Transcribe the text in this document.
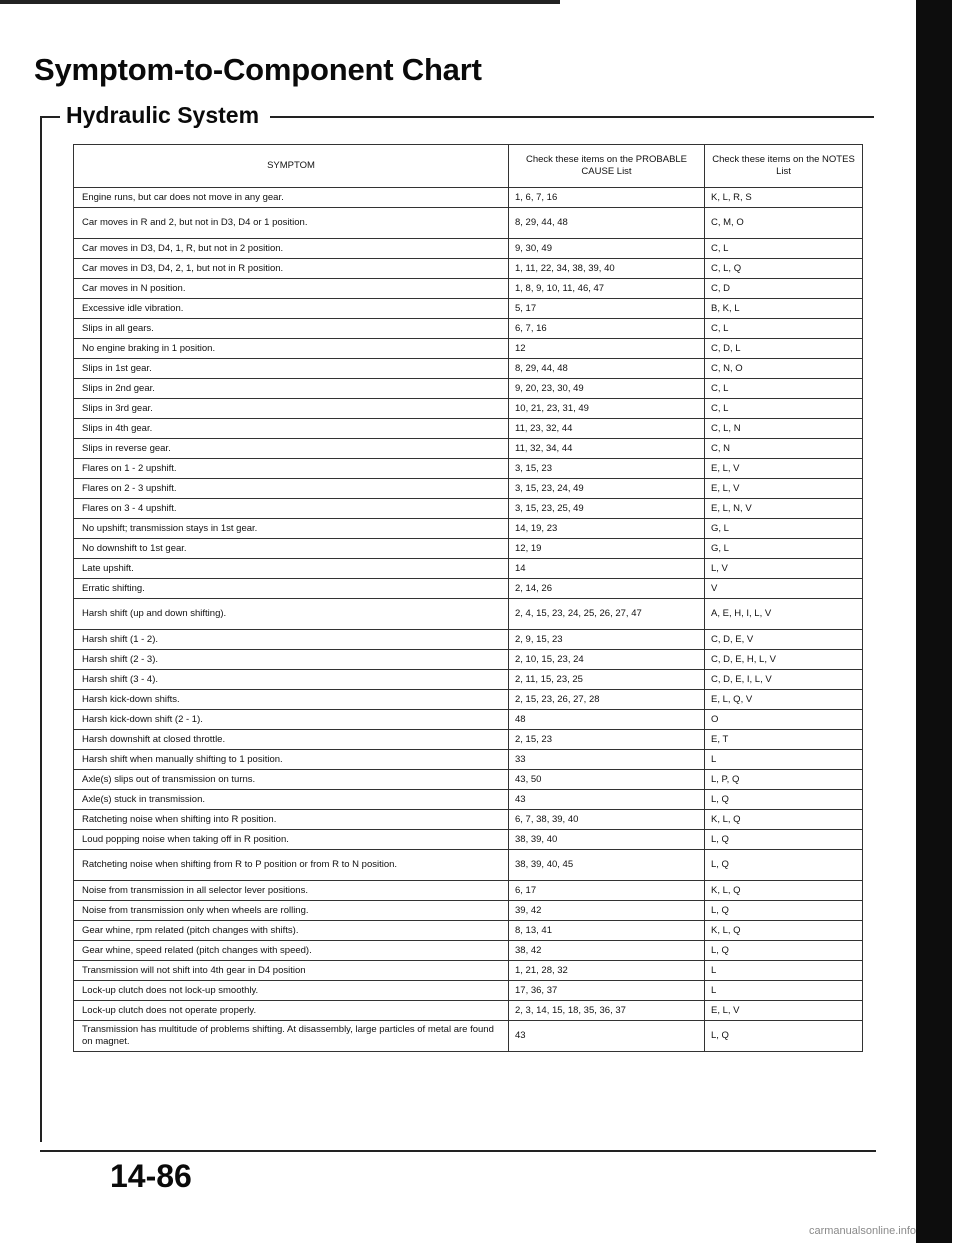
Symptom-to-Component Chart
Hydraulic System
SYMPTOM	Check these items on the PROBABLE CAUSE List	Check these items on the NOTES List
Engine runs, but car does not move in any gear.	1, 6, 7, 16	K, L, R, S
Car moves in R and 2, but not in D3, D4 or 1 position.	8, 29, 44, 48	C, M, O
Car moves in D3, D4, 1, R, but not in 2 position.	9, 30, 49	C, L
Car moves in D3, D4, 2, 1, but not in R position.	1, 11, 22, 34, 38, 39, 40	C, L, Q
Car moves in N position.	1, 8, 9, 10, 11, 46, 47	C, D
Excessive idle vibration.	5, 17	B, K, L
Slips in all gears.	6, 7, 16	C, L
No engine braking in 1 position.	12	C, D, L
Slips in 1st gear.	8, 29, 44, 48	C, N, O
Slips in 2nd gear.	9, 20, 23, 30, 49	C, L
Slips in 3rd gear.	10, 21, 23, 31, 49	C, L
Slips in 4th gear.	11, 23, 32, 44	C, L, N
Slips in reverse gear.	11, 32, 34, 44	C, N
Flares on 1 - 2 upshift.	3, 15, 23	E, L, V
Flares on 2 - 3 upshift.	3, 15, 23, 24, 49	E, L, V
Flares on 3 - 4 upshift.	3, 15, 23, 25, 49	E, L, N, V
No upshift; transmission stays in 1st gear.	14, 19, 23	G, L
No downshift to 1st gear.	12, 19	G, L
Late upshift.	14	L, V
Erratic shifting.	2, 14, 26	V
Harsh shift (up and down shifting).	2, 4, 15, 23, 24, 25, 26, 27, 47	A, E, H, I, L, V
Harsh shift (1 - 2).	2, 9, 15, 23	C, D, E, V
Harsh shift (2 - 3).	2, 10, 15, 23, 24	C, D, E, H, L, V
Harsh shift (3 - 4).	2, 11, 15, 23, 25	C, D, E, I, L, V
Harsh kick-down shifts.	2, 15, 23, 26, 27, 28	E, L, Q, V
Harsh kick-down shift (2 - 1).	48	O
Harsh downshift at closed throttle.	2, 15, 23	E, T
Harsh shift when manually shifting to 1 position.	33	L
Axle(s) slips out of transmission on turns.	43, 50	L, P, Q
Axle(s) stuck in transmission.	43	L, Q
Ratcheting noise when shifting into R position.	6, 7, 38, 39, 40	K, L, Q
Loud popping noise when taking off in R position.	38, 39, 40	L, Q
Ratcheting noise when shifting from R to P position or from R to N position.	38, 39, 40, 45	L, Q
Noise from transmission in all selector lever positions.	6, 17	K, L, Q
Noise from transmission only when wheels are rolling.	39, 42	L, Q
Gear whine, rpm related (pitch changes with shifts).	8, 13, 41	K, L, Q
Gear whine, speed related (pitch changes with speed).	38, 42	L, Q
Transmission will not shift into 4th gear in D4 position	1, 21, 28, 32	L
Lock-up clutch does not lock-up smoothly.	17, 36, 37	L
Lock-up clutch does not operate properly.	2, 3, 14, 15, 18, 35, 36, 37	E, L, V
Transmission has multitude of problems shifting. At disassembly, large particles of metal are found on magnet.	43	L, Q

14-86

carmanualsonline.info
